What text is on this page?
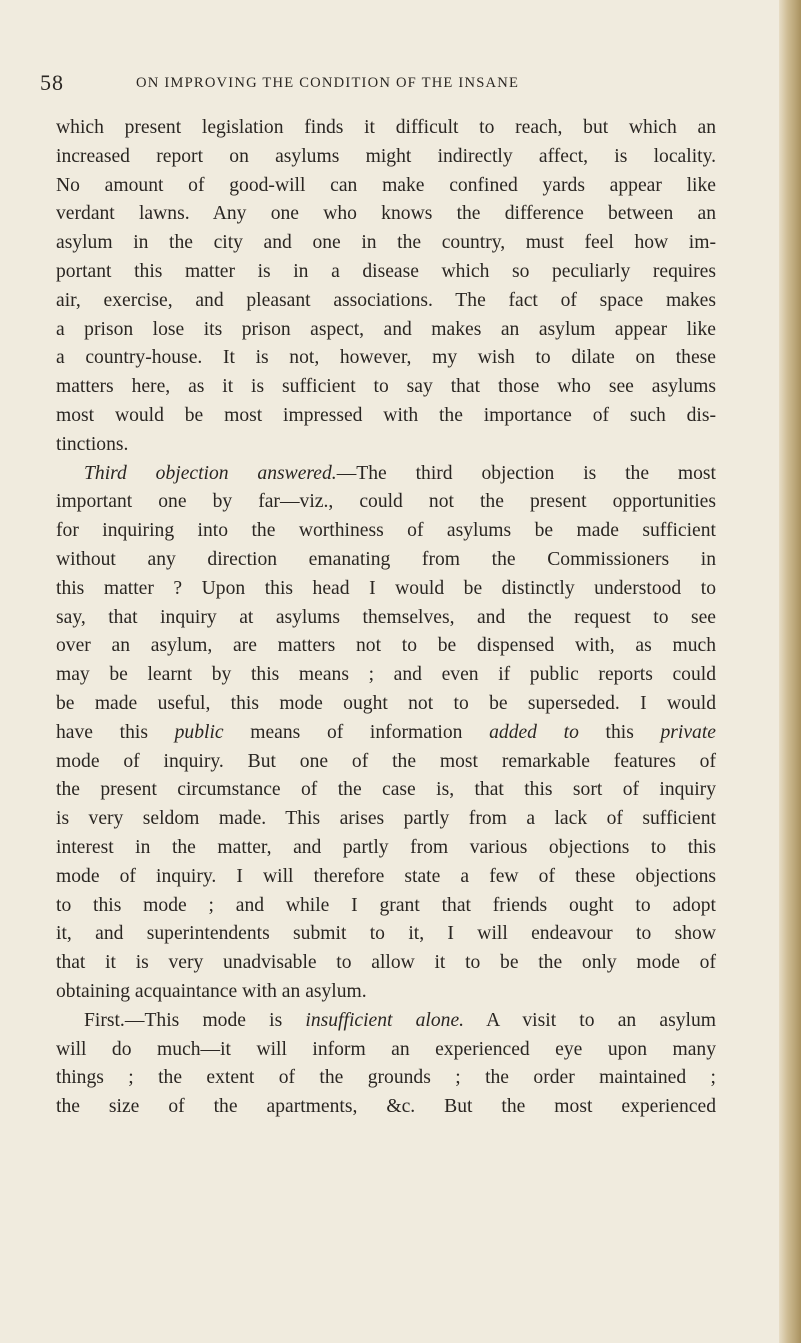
58	ON IMPROVING THE CONDITION OF THE INSANE
which present legislation finds it difficult to reach, but which an
increased report on asylums might indirectly affect, is locality.
No amount of good-will can make confined yards appear like
verdant lawns. Any one who knows the difference between an
asylum in the city and one in the country, must feel how im-
portant this matter is in a disease which so peculiarly requires
air, exercise, and pleasant associations. The fact of space makes
a prison lose its prison aspect, and makes an asylum appear like
a country-house. It is not, however, my wish to dilate on these
matters here, as it is sufficient to say that those who see asylums
most would be most impressed with the importance of such dis-
tinctions.
Third objection answered.—The third objection is the most
important one by far—viz., could not the present opportunities
for inquiring into the worthiness of asylums be made sufficient
without any direction emanating from the Commissioners in
this matter ? Upon this head I would be distinctly understood to
say, that inquiry at asylums themselves, and the request to see
over an asylum, are matters not to be dispensed with, as much
may be learnt by this means ; and even if public reports could
be made useful, this mode ought not to be superseded. I would
have this public means of information added to this private
mode of inquiry. But one of the most remarkable features of
the present circumstance of the case is, that this sort of inquiry
is very seldom made. This arises partly from a lack of sufficient
interest in the matter, and partly from various objections to this
mode of inquiry. I will therefore state a few of these objections
to this mode ; and while I grant that friends ought to adopt
it, and superintendents submit to it, I will endeavour to show
that it is very unadvisable to allow it to be the only mode of
obtaining acquaintance with an asylum.
First.—This mode is insufficient alone. A visit to an asylum
will do much—it will inform an experienced eye upon many
things ; the extent of the grounds ; the order maintained ;
the size of the apartments, &c. But the most experienced
